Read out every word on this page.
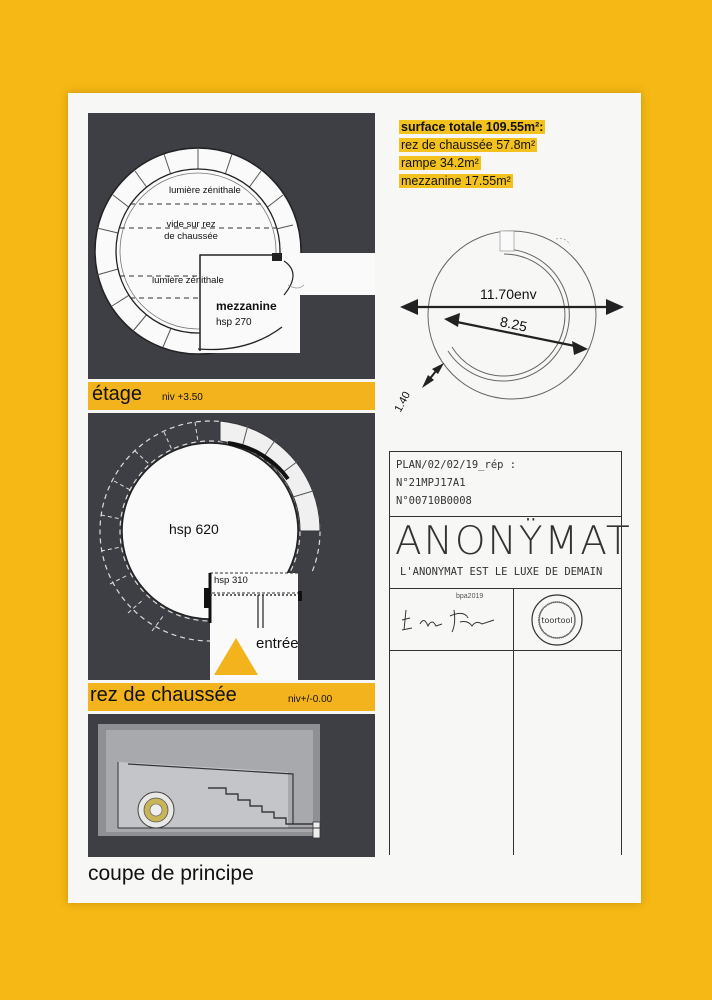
lumière zénithale
vide sur rez
de chaussée
lumière zénithale
mezzanine
hsp 270
étage niv +3.50
hsp 620
hsp 310
entrée
rez de chaussée	niv+/-0.00
coupe de principe
surface totale 109.55m²:
rez de chaussée 57.8m²
rampe 34.2m²
mezzanine 17.55m²
11.70env
8.25
1.40
PLAN/02/02/19_rép :
N°21MPJ17A1
N°00710B0008
ANONŸMAT
L'ANONYMAT EST LE LUXE DE DEMAIN
bpa2019
toortool
